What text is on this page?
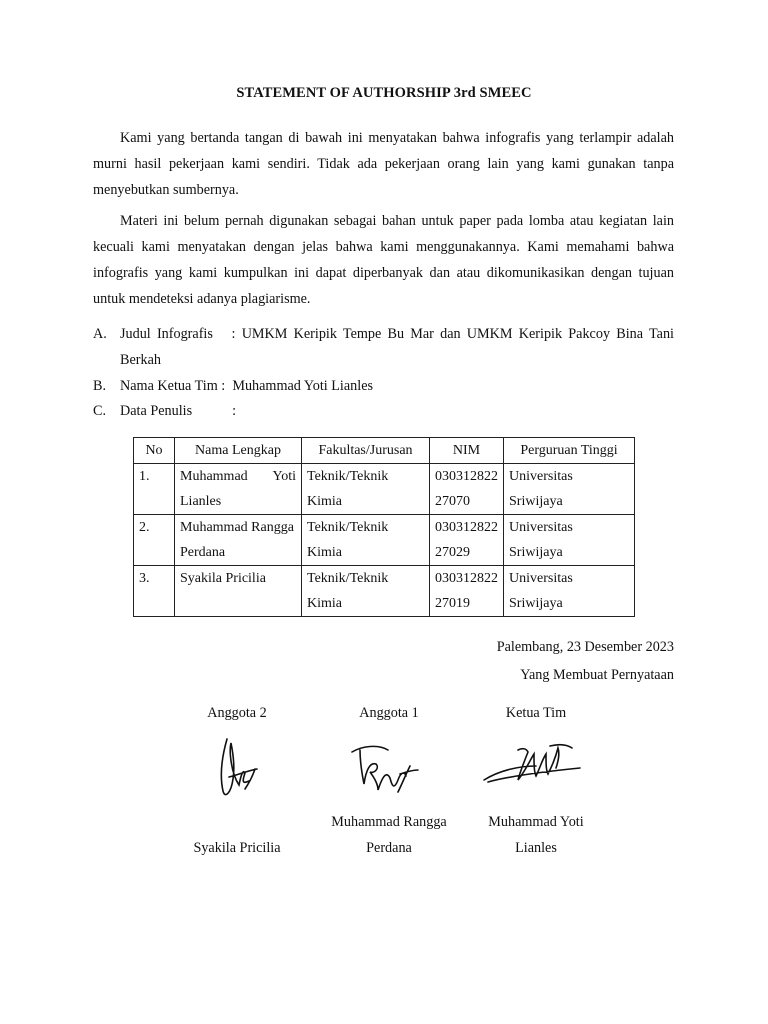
STATEMENT OF AUTHORSHIP 3rd SMEEC

Kami yang bertanda tangan di bawah ini menyatakan bahwa infografis yang terlampir adalah murni hasil pekerjaan kami sendiri. Tidak ada pekerjaan orang lain yang kami gunakan tanpa menyebutkan sumbernya.

Materi ini belum pernah digunakan sebagai bahan untuk paper pada lomba atau kegiatan lain kecuali kami menyatakan dengan jelas bahwa kami menggunakannya. Kami memahami bahwa infografis yang kami kumpulkan ini dapat diperbanyak dan atau dikomunikasikan dengan tujuan untuk mendeteksi adanya plagiarisme.

A. Judul Infografis : UMKM Keripik Tempe Bu Mar dan UMKM Keripik Pakcoy Bina Tani Berkah
B. Nama Ketua Tim : Muhammad Yoti Lianles
C. Data Penulis	:
No	Nama Lengkap	Fakultas/Jurusan	NIM	Perguruan Tinggi
1.	Muhammad Yoti Lianles	Teknik/Teknik Kimia	03031282227070	Universitas Sriwijaya
2.	Muhammad Rangga Perdana	Teknik/Teknik Kimia	03031282227029	Universitas Sriwijaya
3.	Syakila Pricilia	Teknik/Teknik Kimia	03031282227019	Universitas Sriwijaya
Palembang, 23 Desember 2023
Yang Membuat Pernyataan
Anggota 2	Anggota 1	Ketua Tim
Syakila Pricilia
Muhammad Rangga Perdana
Muhammad Yoti Lianles
